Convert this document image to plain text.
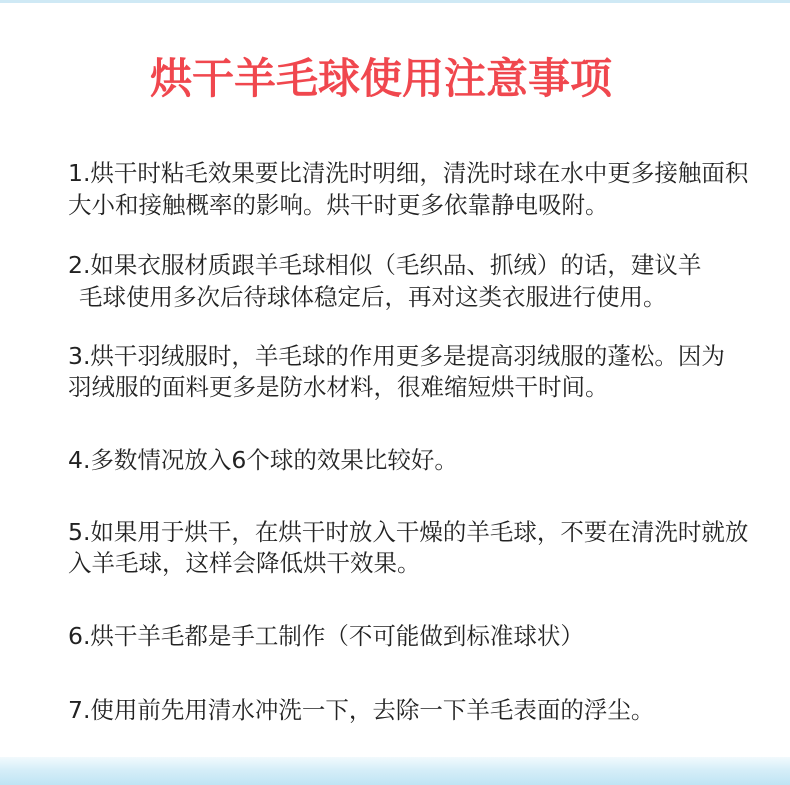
烘干羊毛球使用注意事项
1.烘干时粘毛效果要比清洗时明细，清洗时球在水中更多接触面积
大小和接触概率的影响。烘干时更多依靠静电吸附。
2.如果衣服材质跟羊毛球相似（毛织品、抓绒）的话，建议羊
毛球使用多次后待球体稳定后，再对这类衣服进行使用。
3.烘干羽绒服时，羊毛球的作用更多是提高羽绒服的蓬松。因为
羽绒服的面料更多是防水材料，很难缩短烘干时间。
4.多数情况放入6个球的效果比较好。
5.如果用于烘干，在烘干时放入干燥的羊毛球，不要在清洗时就放
入羊毛球，这样会降低烘干效果。
6.烘干羊毛都是手工制作（不可能做到标准球状）
7.使用前先用清水冲洗一下，去除一下羊毛表面的浮尘。
